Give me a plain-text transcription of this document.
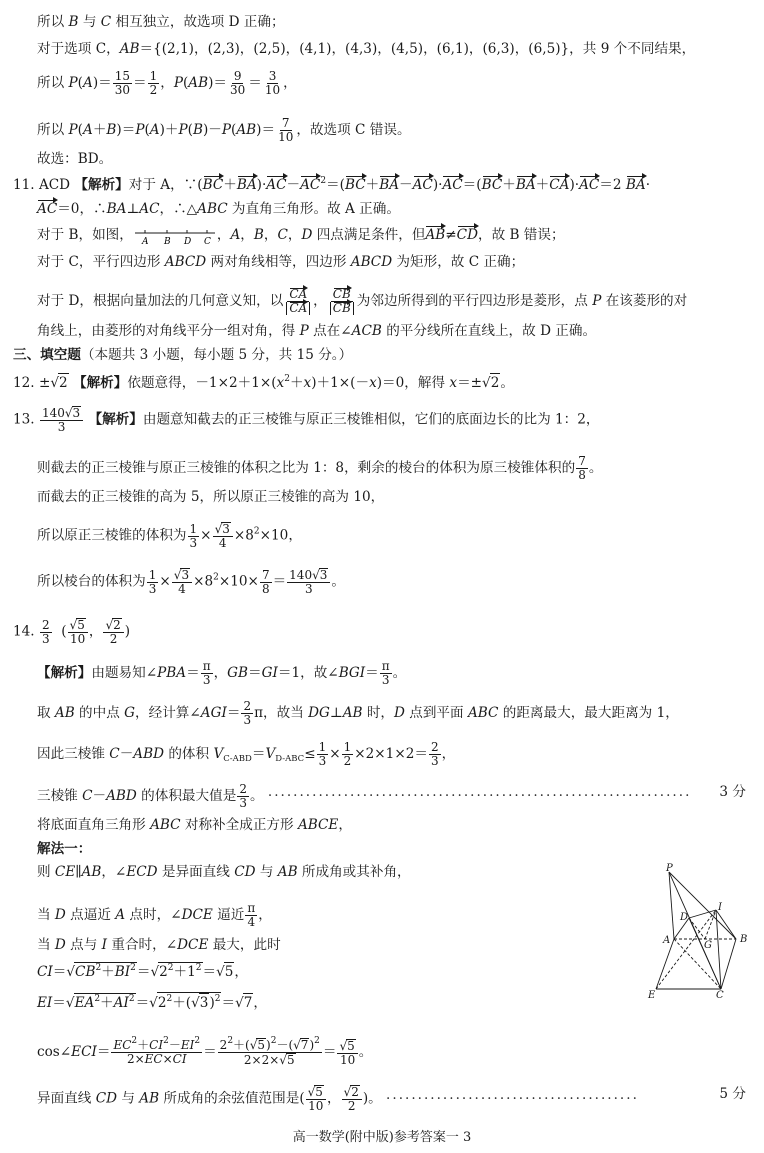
所以 B 与 C 相互独立，故选项 D 正确；
对于选项 C，AB＝{(2,1)，(2,3)，(2,5)，(4,1)，(4,3)，(4,5)，(6,1)，(6,3)，(6,5)}，共 9 个不同结果，
所以 $P(A)= \frac{15}{30} = \frac{1}{2}$ ，$P(AB)= \frac{9}{30} = \frac{3}{10}$ ，
所以 $P(A+B)=P(A)+P(B)-P(AB)= \frac{7}{10}$ ，故选项 C 错误。
故选：BD。
11. ACD 【解析】对于 A，$\because(BC+BA)\cdot AC-AC^2=(BC+BA-AC)\cdot AC=(BC+BA+CA)\cdot AC=2$ BA·
AC＝0，∴BA⊥AC，∴△ABC 为直角三角形。故 A 正确。
对于 B，如图， A B D C ，A，B，C，D 四点满足条件，但AB≠CD，故 B 错误；
对于 C，平行四边形 ABCD 两对角线相等，四边形 ABCD 为矩形，故 C 正确；
对于 D，根据向量加法的几何意义知，以 $\frac{CA}{CA}$ ， $\frac{CB}{CB}$ 为邻边所得到的平行四边形是菱形，点 P 在该菱形的对
角线上，由菱形的对角线平分一组对角，得 P 点在∠ACB 的平分线所在直线上，故 D 正确。
三、填空题（本题共 3 小题，每小题 5 分，共 15 分。）
12. ±√2 【解析】依题意得，$-1\times 2+1\times(x^2+x)+1\times(-x)=0$，解得 x＝±√2。
13. $\frac{140√3}{3}$ 【解析】由题意知截去的正三棱锥与原正三棱锥相似，它们的底面边长的比为 1：2，
则截去的正三棱锥与原正三棱锥的体积之比为 1：8，剩余的棱台的体积为原三棱锥体积的 $\frac{7}{8}$ 。
而截去的正三棱锥的高为 5，所以原正三棱锥的高为 10，
所以原正三棱锥的体积为 $\frac{1}{3} \times \frac{√3}{4} \times 8^2\times 10$，
所以棱台的体积为 $\frac{1}{3} \times \frac{√3}{4} \times 8^2\times 10\times \frac{7}{8} = \frac{140√3}{3}$ 。
14. $\frac{2}{3}$ ( $\frac{√5}{10}$ ， $\frac{√2}{2}$ )
【解析】由题易知∠PBA＝ $\frac{\pi}{3}$ ，GB＝GI＝1，故∠BGI＝ $\frac{\pi}{3}$ 。
取 AB 的中点 G，经计算∠AGI＝ $\frac{2}{3}$ π，故当 DG⊥AB 时，D 点到平面 ABC 的距离最大，最大距离为 1，
因此三棱锥 C－ABD 的体积 $V_{C-ABD}=V_{D-ABC}\le \frac{1}{3} \times \frac{1}{2} \times 2\times 1\times 2= \frac{2}{3}$ ，
三棱锥 C－ABD 的体积最大值是 $\frac{2}{3}$ 。 ··································································· 3 分
将底面直角三角形 ABC 对称补全成正方形 ABCE，
解法一：
则 CE∥AB，∠ECD 是异面直线 CD 与 AB 所成角或其补角，
当 D 点逼近 A 点时，∠DCE 逼近 $\frac{\pi}{4}$ ，
当 D 点与 I 重合时，∠DCE 最大，此时
$CI=√CB^2+BI^2=√2^2+1^2=√5$，
$EI=√EA^2+AI^2=√2^2+(√3)^2=√7$，
cos∠ECI＝ $\frac{EC^2+CI^2-EI^2}{2\times EC\times CI} = \frac{2^2+(√5)^2-(√7)^2}{2\times 2\times√5} = \frac{√5}{10}$ 。
异面直线 CD 与 AB 所成角的余弦值范围是( $\frac{√5}{10}$ ， $\frac{√2}{2}$ )。 ········································	5 分
P
I
D
A	G
B
E	C
高一数学(附中版)参考答案一 3
